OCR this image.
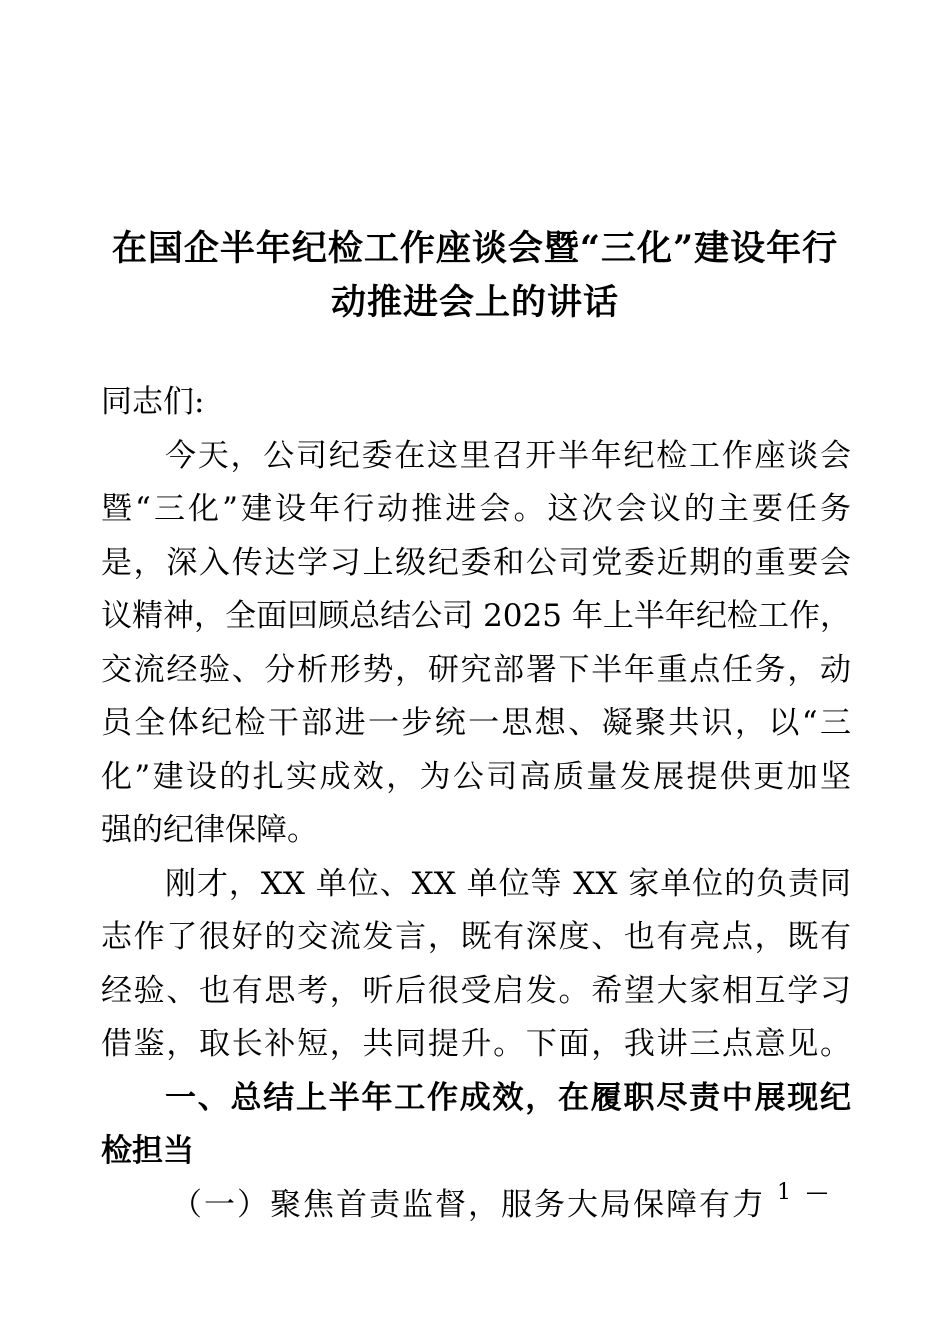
在国企半年纪检工作座谈会暨“三化”建设年行
动推进会上的讲话
同志们:
今天，公司纪委在这里召开半年纪检工作座谈会
暨“三化”建设年行动推进会。这次会议的主要任务
是，深入传达学习上级纪委和公司党委近期的重要会
议精神，全面回顾总结公司 2025 年上半年纪检工作，
交流经验、分析形势，研究部署下半年重点任务，动
员全体纪检干部进一步统一思想、凝聚共识，以“三
化”建设的扎实成效，为公司高质量发展提供更加坚
强的纪律保障。
刚才，XX 单位、XX 单位等 XX 家单位的负责同
志作了很好的交流发言，既有深度、也有亮点，既有
经验、也有思考，听后很受启发。希望大家相互学习
借鉴，取长补短，共同提升。下面，我讲三点意见。
一、总结上半年工作成效，在履职尽责中展现纪
检担当
（一）聚焦首责监督，服务大局保障有力
— 1 —
